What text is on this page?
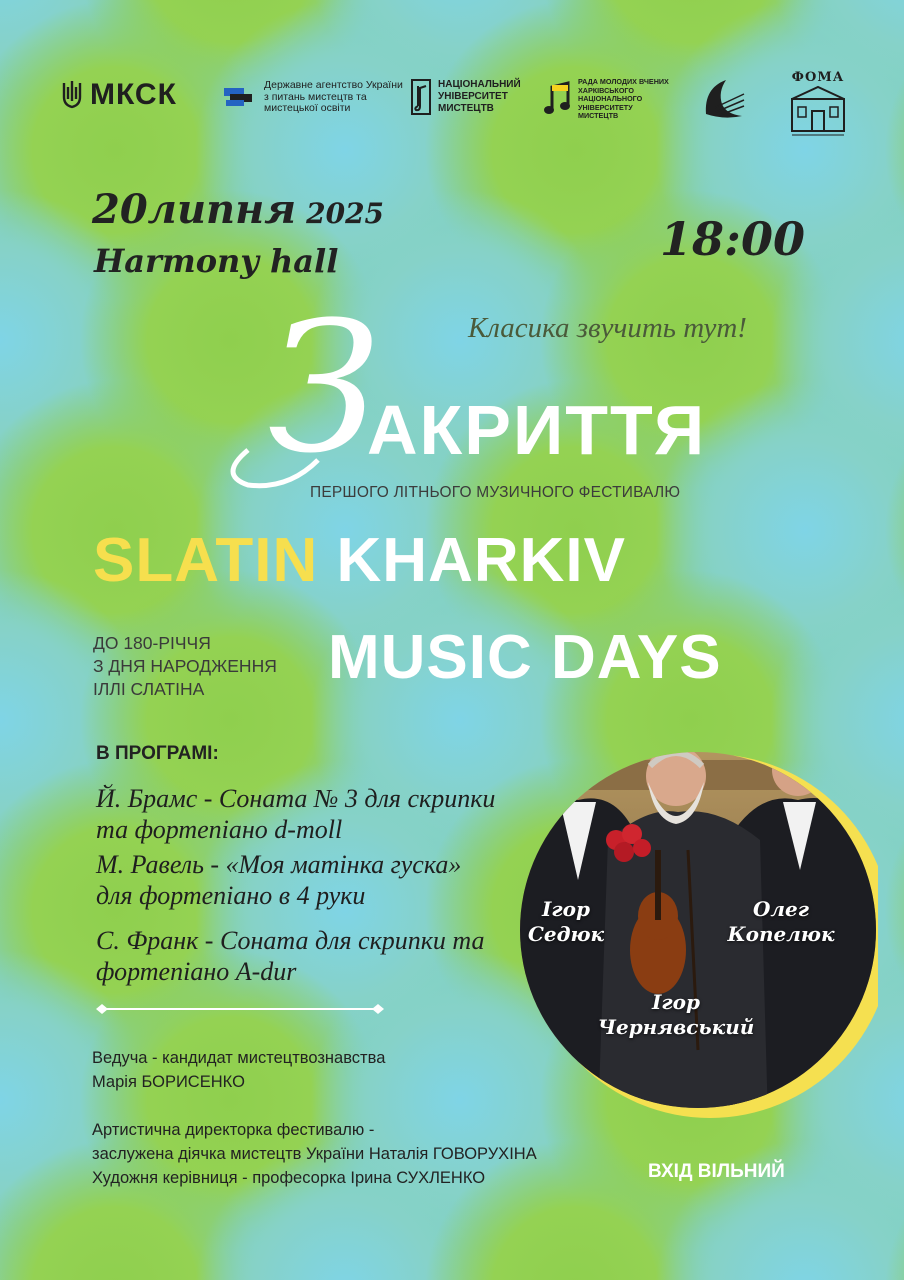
МКСК	Державне агентство України з питань мистецтв та мистецької освіти
НАЦІОНАЛЬНИЙ УНІВЕРСИТЕТ МИСТЕЦТВ
РАДА МОЛОДИХ ВЧЕНИХ ХАРКІВСЬКОГО НАЦІОНАЛЬНОГО УНІВЕРСИТЕТУ МИСТЕЦТВ
ФОМА
20липня 2025	18:00
Harmony hall
Класика звучить тут!
З
АКРИТТЯ
ПЕРШОГО ЛІТНЬОГО МУЗИЧНОГО ФЕСТИВАЛЮ
SLATIN KHARKIV
MUSIC DAYS
ДО 180-РІЧЧЯ
З ДНЯ НАРОДЖЕННЯ
ІЛЛІ СЛАТІНА
В ПРОГРАМІ:
Й. Брамс - Соната № 3 для скрипки та фортепіано d-moll
М. Равель - «Моя матінка гуска» для фортепіано в 4 руки
С. Франк - Соната для скрипки та фортепіано A-dur
Ведуча - кандидат мистецтвознавства
Марія БОРИСЕНКО
Артистична директорка фестивалю -
заслужена діячка мистецтв України Наталія ГОВОРУХІНА
Художня керівниця - професорка Ірина СУХЛЕНКО	ВХІД ВІЛЬНИЙ
Ігор
Седюк
Олег
Копелюк
Ігор
Чернявський
